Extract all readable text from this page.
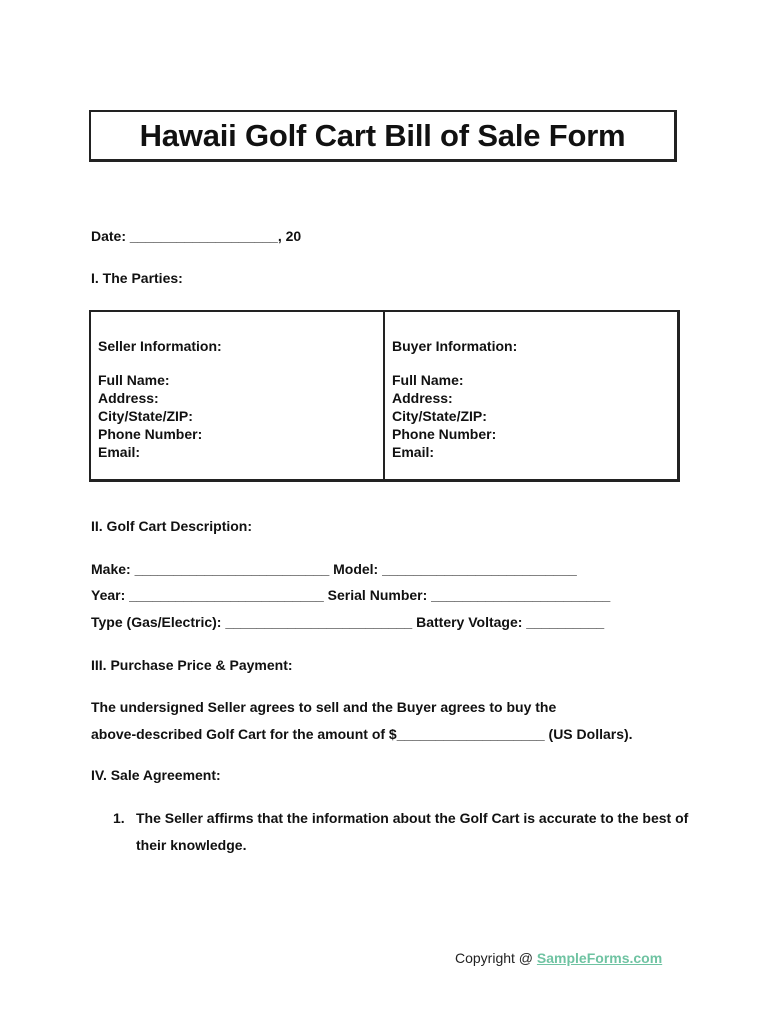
Hawaii Golf Cart Bill of Sale Form
Date: ___________________, 20
I. The Parties:
Seller Information:
Full Name:
Address:
City/State/ZIP:
Phone Number:
Email:
Buyer Information:
Full Name:
Address:
City/State/ZIP:
Phone Number:
Email:
II. Golf Cart Description:
Make: _________________________ Model: _________________________
Year: _________________________ Serial Number: _______________________
Type (Gas/Electric): ________________________ Battery Voltage: __________
III. Purchase Price & Payment:
The undersigned Seller agrees to sell and the Buyer agrees to buy the
above-described Golf Cart for the amount of $___________________ (US Dollars).
IV. Sale Agreement:
1. The Seller affirms that the information about the Golf Cart is accurate to the best of their knowledge.
Copyright @ SampleForms.com
